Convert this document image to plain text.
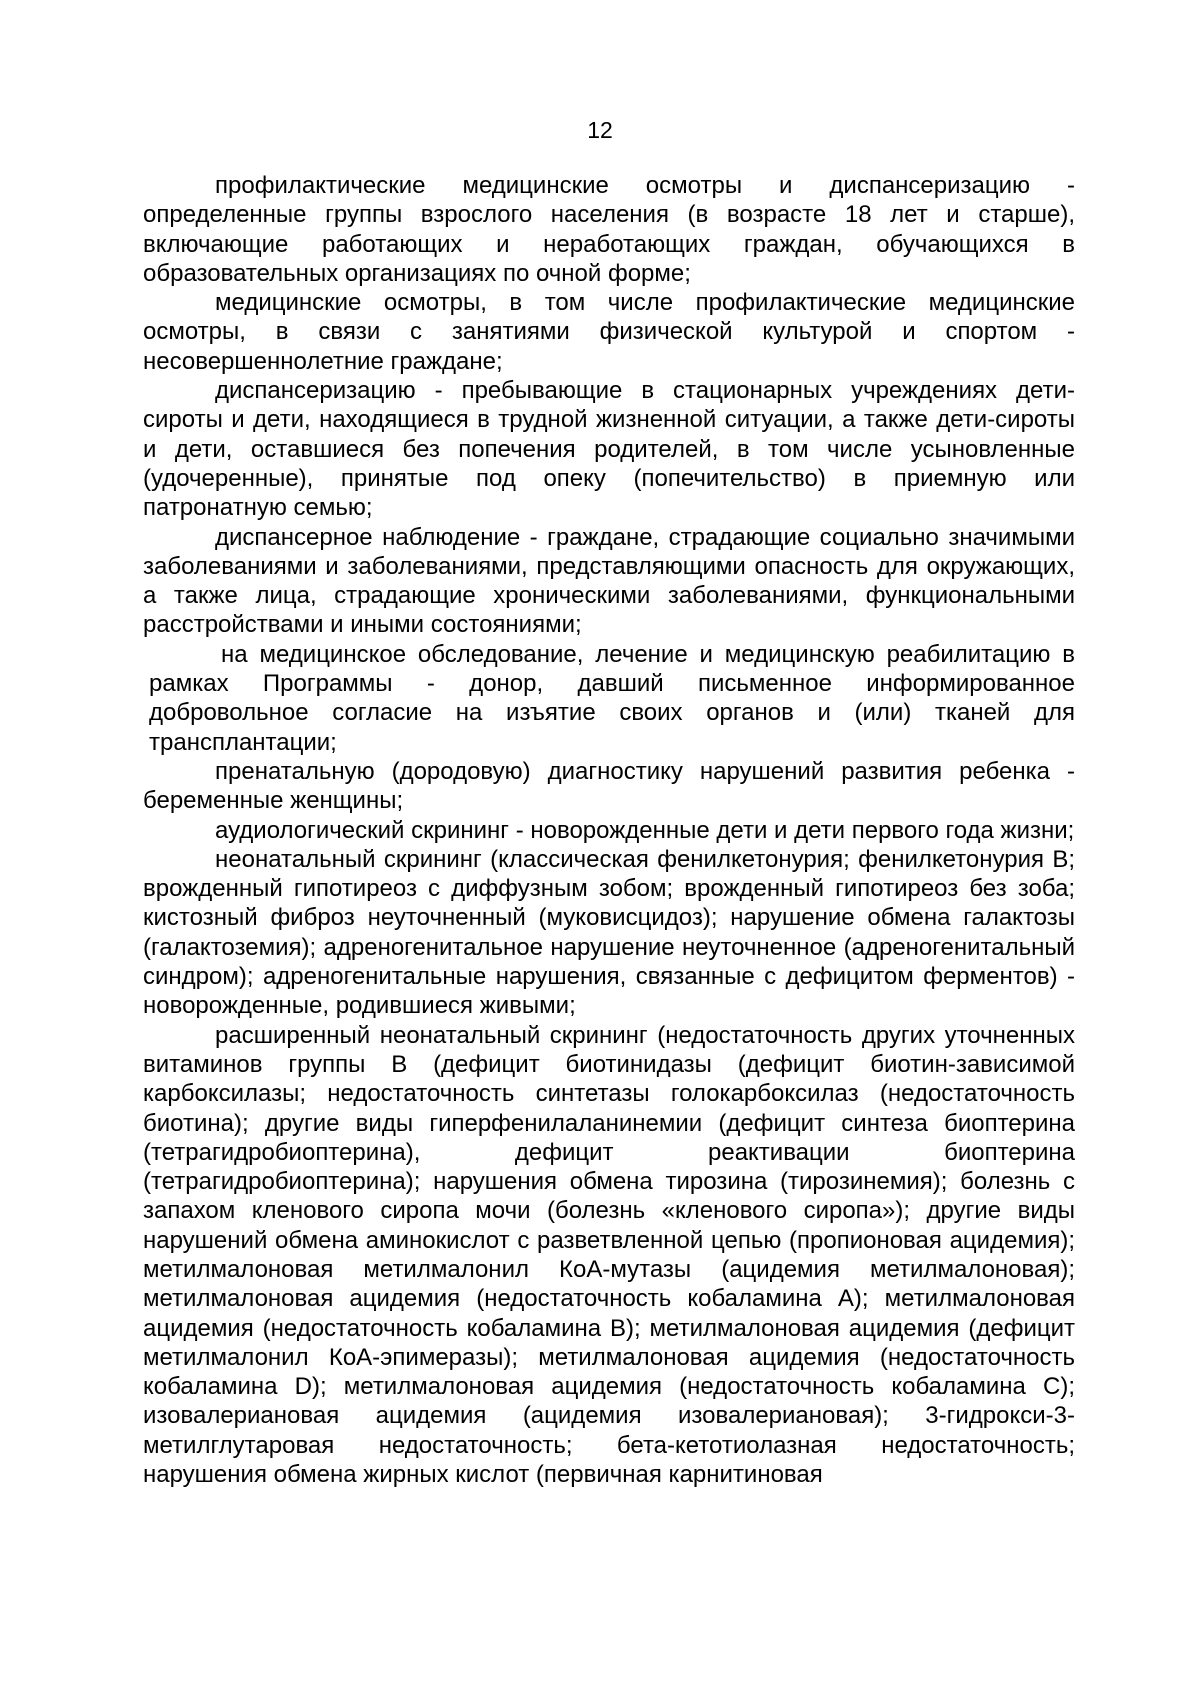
12

профилактические медицинские осмотры и диспансеризацию - определенные группы взрослого населения (в возрасте 18 лет и старше), включающие работающих и неработающих граждан, обучающихся в образовательных организациях по очной форме;

медицинские осмотры, в том числе профилактические медицинские осмотры, в связи с занятиями физической культурой и спортом - несовершеннолетние граждане;

диспансеризацию - пребывающие в стационарных учреждениях дети-сироты и дети, находящиеся в трудной жизненной ситуации, а также дети-сироты и дети, оставшиеся без попечения родителей, в том числе усыновленные (удочеренные), принятые под опеку (попечительство) в приемную или патронатную семью;

диспансерное наблюдение - граждане, страдающие социально значимыми заболеваниями и заболеваниями, представляющими опасность для окружающих, а также лица, страдающие хроническими заболеваниями, функциональными расстройствами и иными состояниями;

на медицинское обследование, лечение и медицинскую реабилитацию в рамках Программы - донор, давший письменное информированное добровольное согласие на изъятие своих органов и (или) тканей для трансплантации;

пренатальную (дородовую) диагностику нарушений развития ребенка - беременные женщины;

аудиологический скрининг - новорожденные дети и дети первого года жизни;

неонатальный скрининг (классическая фенилкетонурия; фенилкетонурия В; врожденный гипотиреоз с диффузным зобом; врожденный гипотиреоз без зоба; кистозный фиброз неуточненный (муковисцидоз); нарушение обмена галактозы (галактоземия); адреногенитальное нарушение неуточненное (адреногенитальный синдром); адреногенитальные нарушения, связанные с дефицитом ферментов) - новорожденные, родившиеся живыми;

расширенный неонатальный скрининг (недостаточность других уточненных витаминов группы В (дефицит биотинидазы (дефицит биотин-зависимой карбоксилазы; недостаточность синтетазы голокарбоксилаз (недостаточность биотина); другие виды гиперфенилаланинемии (дефицит синтеза биоптерина (тетрагидробиоптерина), дефицит реактивации биоптерина (тетрагидробиоптерина); нарушения обмена тирозина (тирозинемия); болезнь с запахом кленового сиропа мочи (болезнь «кленового сиропа»); другие виды нарушений обмена аминокислот с разветвленной цепью (пропионовая ацидемия); метилмалоновая метилмалонил КоА-мутазы (ацидемия метилмалоновая); метилмалоновая ацидемия (недостаточность кобаламина А); метилмалоновая ацидемия (недостаточность кобаламина В); метилмалоновая ацидемия (дефицит метилмалонил КоА-эпимеразы); метилмалоновая ацидемия (недостаточность кобаламина D); метилмалоновая ацидемия (недостаточность кобаламина С); изовалериановая ацидемия (ацидемия изовалериановая); 3-гидрокси-3-метилглутаровая недостаточность; бета-кетотиолазная недостаточность; нарушения обмена жирных кислот (первичная карнитиновая
